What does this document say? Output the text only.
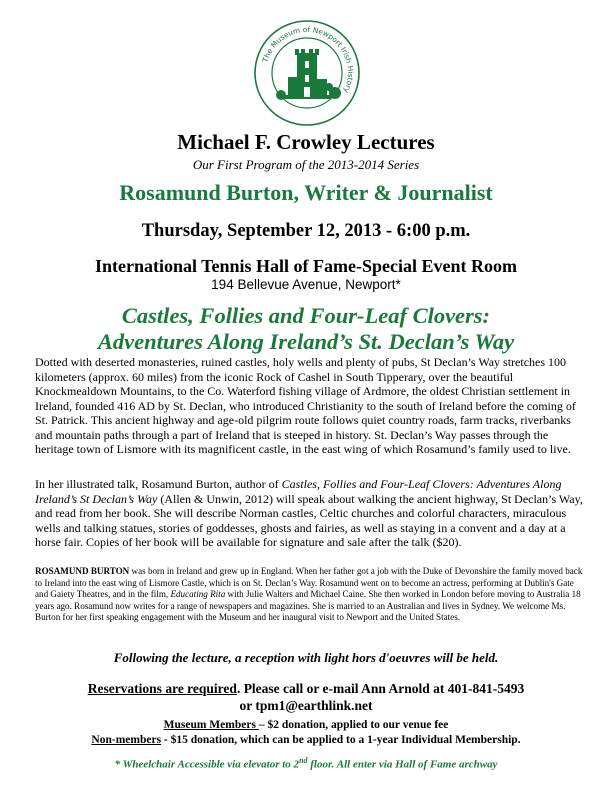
The Museum of Newport Irish History
Michael F. Crowley Lectures
Our First Program of the 2013-2014 Series
Rosamund Burton, Writer & Journalist
Thursday, September 12, 2013 - 6:00 p.m.
International Tennis Hall of Fame-Special Event Room
194 Bellevue Avenue, Newport*
Castles, Follies and Four-Leaf Clovers:
Adventures Along Ireland’s St. Declan’s Way
Dotted with deserted monasteries, ruined castles, holy wells and plenty of pubs, St Declan’s Way stretches 100 kilometers (approx. 60 miles) from the iconic Rock of Cashel in South Tipperary, over the beautiful Knockmealdown Mountains, to the Co. Waterford fishing village of Ardmore, the oldest Christian settlement in Ireland, founded 416 AD by St. Declan, who introduced Christianity to the south of Ireland before the coming of St. Patrick. This ancient highway and age-old pilgrim route follows quiet country roads, farm tracks, riverbanks and mountain paths through a part of Ireland that is steeped in history. St. Declan’s Way passes through the heritage town of Lismore with its magnificent castle, in the east wing of which Rosamund’s family used to live.
In her illustrated talk, Rosamund Burton, author of Castles, Follies and Four-Leaf Clovers: Adventures Along Ireland’s St Declan’s Way (Allen & Unwin, 2012) will speak about walking the ancient highway, St Declan’s Way, and read from her book. She will describe Norman castles, Celtic churches and colorful characters, miraculous wells and talking statues, stories of goddesses, ghosts and fairies, as well as staying in a convent and a day at a horse fair. Copies of her book will be available for signature and sale after the talk ($20).
ROSAMUND BURTON was born in Ireland and grew up in England. When her father got a job with the Duke of Devonshire the family moved back to Ireland into the east wing of Lismore Castle, which is on St. Declan’s Way. Rosamund went on to become an actress, performing at Dublin's Gate and Gaiety Theatres, and in the film, Educating Rita with Julie Walters and Michael Caine. She then worked in London before moving to Australia 18 years ago. Rosamund now writes for a range of newspapers and magazines. She is married to an Australian and lives in Sydney. We welcome Ms. Burton for her first speaking engagement with the Museum and her inaugural visit to Newport and the United States.
Following the lecture, a reception with light hors d'oeuvres will be held.
Reservations are required. Please call or e-mail Ann Arnold at 401-841-5493
or tpm1@earthlink.net
Museum Members – $2 donation, applied to our venue fee
Non-members - $15 donation, which can be applied to a 1-year Individual Membership.
* Wheelchair Accessible via elevator to 2nd floor. All enter via Hall of Fame archway
